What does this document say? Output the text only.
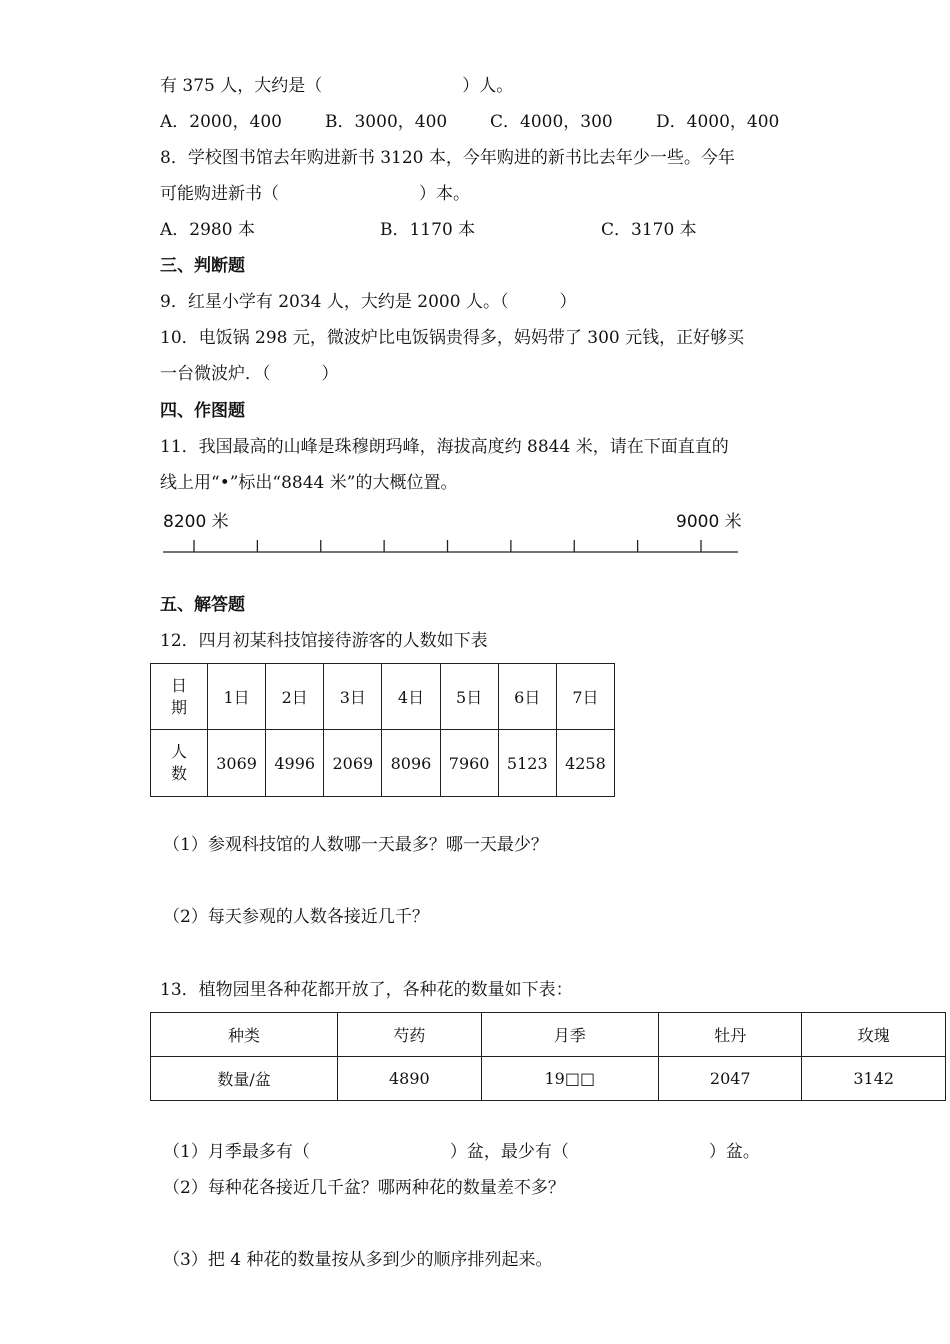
有 375 人，大约是（	）人。
A．2000，400	B．3000，400	C．4000，300	D．4000，400
8．学校图书馆去年购进新书 3120 本，今年购进的新书比去年少一些。今年
可能购进新书（	）本。
A．2980 本	B．1170 本	C．3170 本
三、判断题
9．红星小学有 2034 人，大约是 2000 人。（　　　）
10．电饭锅 298 元，微波炉比电饭锅贵得多，妈妈带了 300 元钱，正好够买
一台微波炉．（　　　）
四、作图题
11．我国最高的山峰是珠穆朗玛峰，海拔高度约 8844 米，请在下面直直的
线上用“•”标出“8844 米”的大概位置。
8200 米	9000 米
五、解答题
12．四月初某科技馆接待游客的人数如下表
日
期	1日	2日	3日	4日	5日	6日	7日

人
数	3069	4996	2069	8096	7960	5123	4258
（1）参观科技馆的人数哪一天最多？哪一天最少？
（2）每天参观的人数各接近几千？
13．植物园里各种花都开放了，各种花的数量如下表：
种类	芍药	月季	牡丹	玫瑰
数量/盆	4890	19□□	2047	3142
（1）月季最多有（	）盆，最少有（	）盆。
（2）每种花各接近几千盆？哪两种花的数量差不多？
（3）把 4 种花的数量按从多到少的顺序排列起来。
